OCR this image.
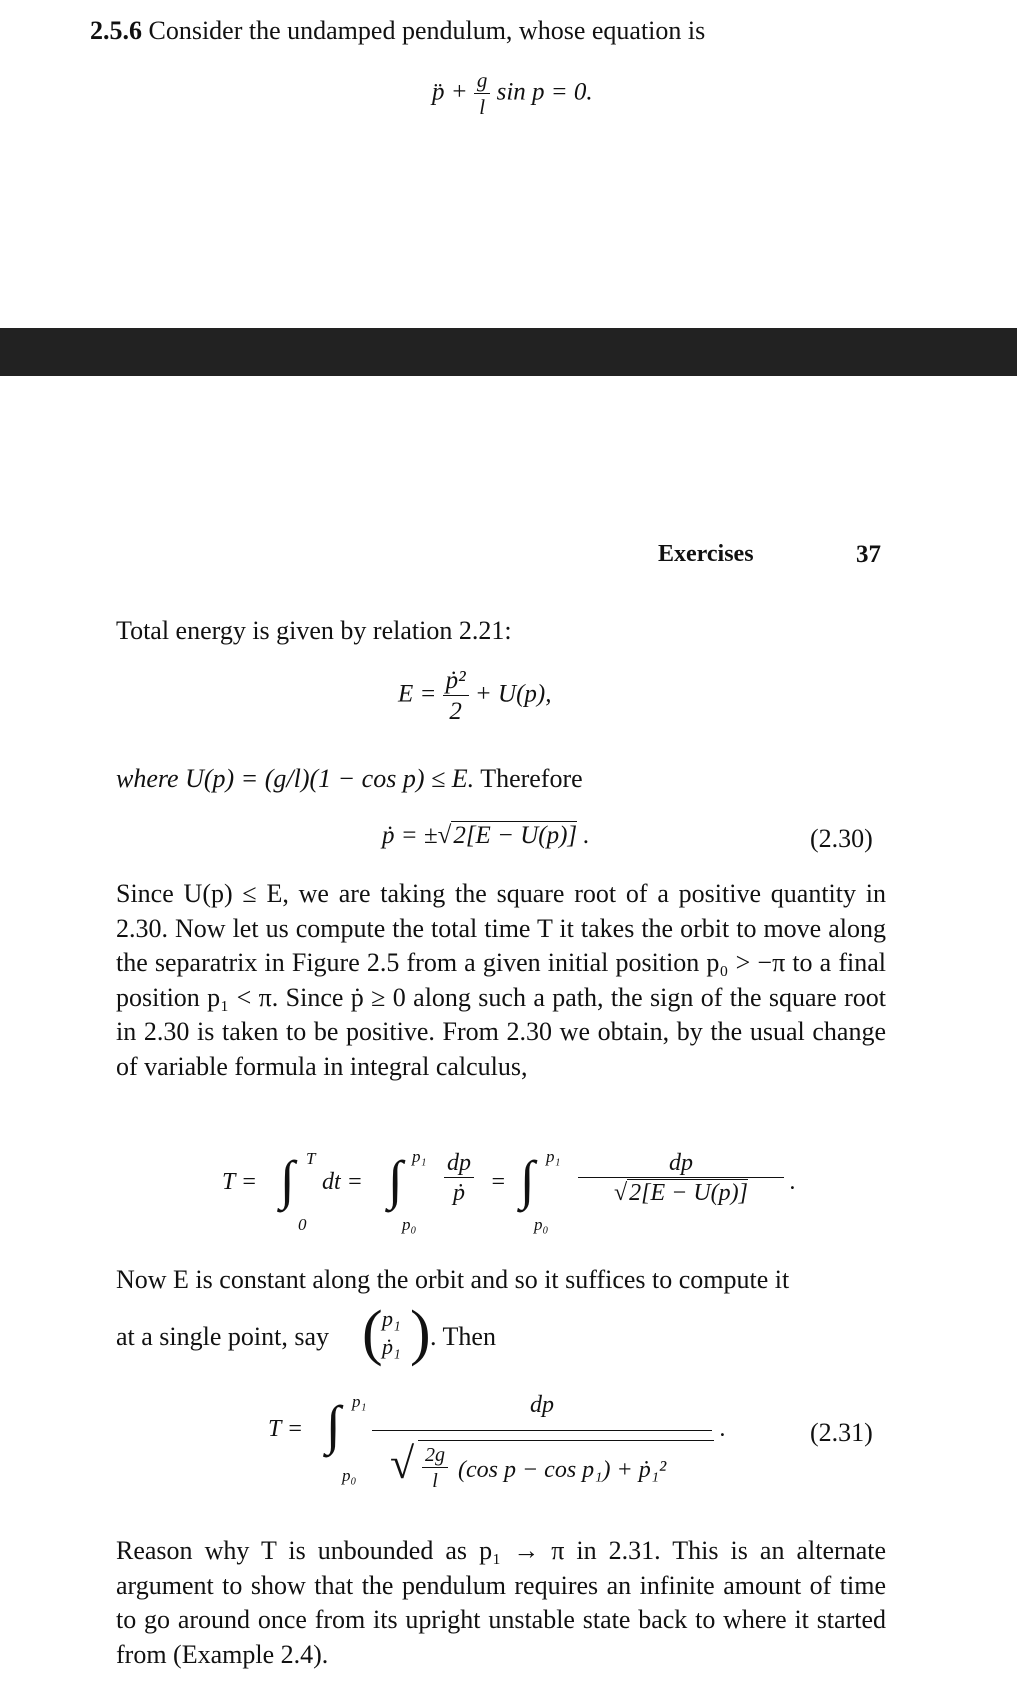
2.5.6 Consider the undamped pendulum, whose equation is
p̈ + $\frac{g}{l}$ sin p = 0.
Exercises	37
Total energy is given by relation 2.21:
$E = \frac{\text{ṗ²}}{2} + U(p)$,
where U(p) = (g/l)(1 − cos p) ≤ E. Therefore
ṗ = ±√2[E − U(p)] .	(2.30)

Since U(p) ≤ E, we are taking the square root of a positive quantity in 2.30. Now let us compute the total time T it takes the orbit to move along the separatrix in Figure 2.5 from a given initial position p₀ > −π to a final position p₁ < π. Since ṗ ≥ 0 along such a path, the sign of the square root in 2.30 is taken to be positive. From 2.30 we obtain, by the usual change of variable formula in integral calculus,

T = ∫ T
0
dt = ∫ p₁
p₀
$\frac{dp}{\text{ṗ}}$ = ∫ p₁
p₀
$\frac{dp}{√2[E - U(p)]}$ .
Now E is constant along the orbit and so it suffices to compute it
at a single point, say ( p₁
ṗ₁ ) . Then
T = ∫ p₁
p₀
dp
√ $\frac{2g}{l} (\cos$ p − cos p₁) + ṗ₁²
.	(2.31)

Reason why T is unbounded as p₁ → π in 2.31. This is an alternate argument to show that the pendulum requires an infinite amount of time to go around once from its upright unstable state back to where it started from (Example 2.4).
